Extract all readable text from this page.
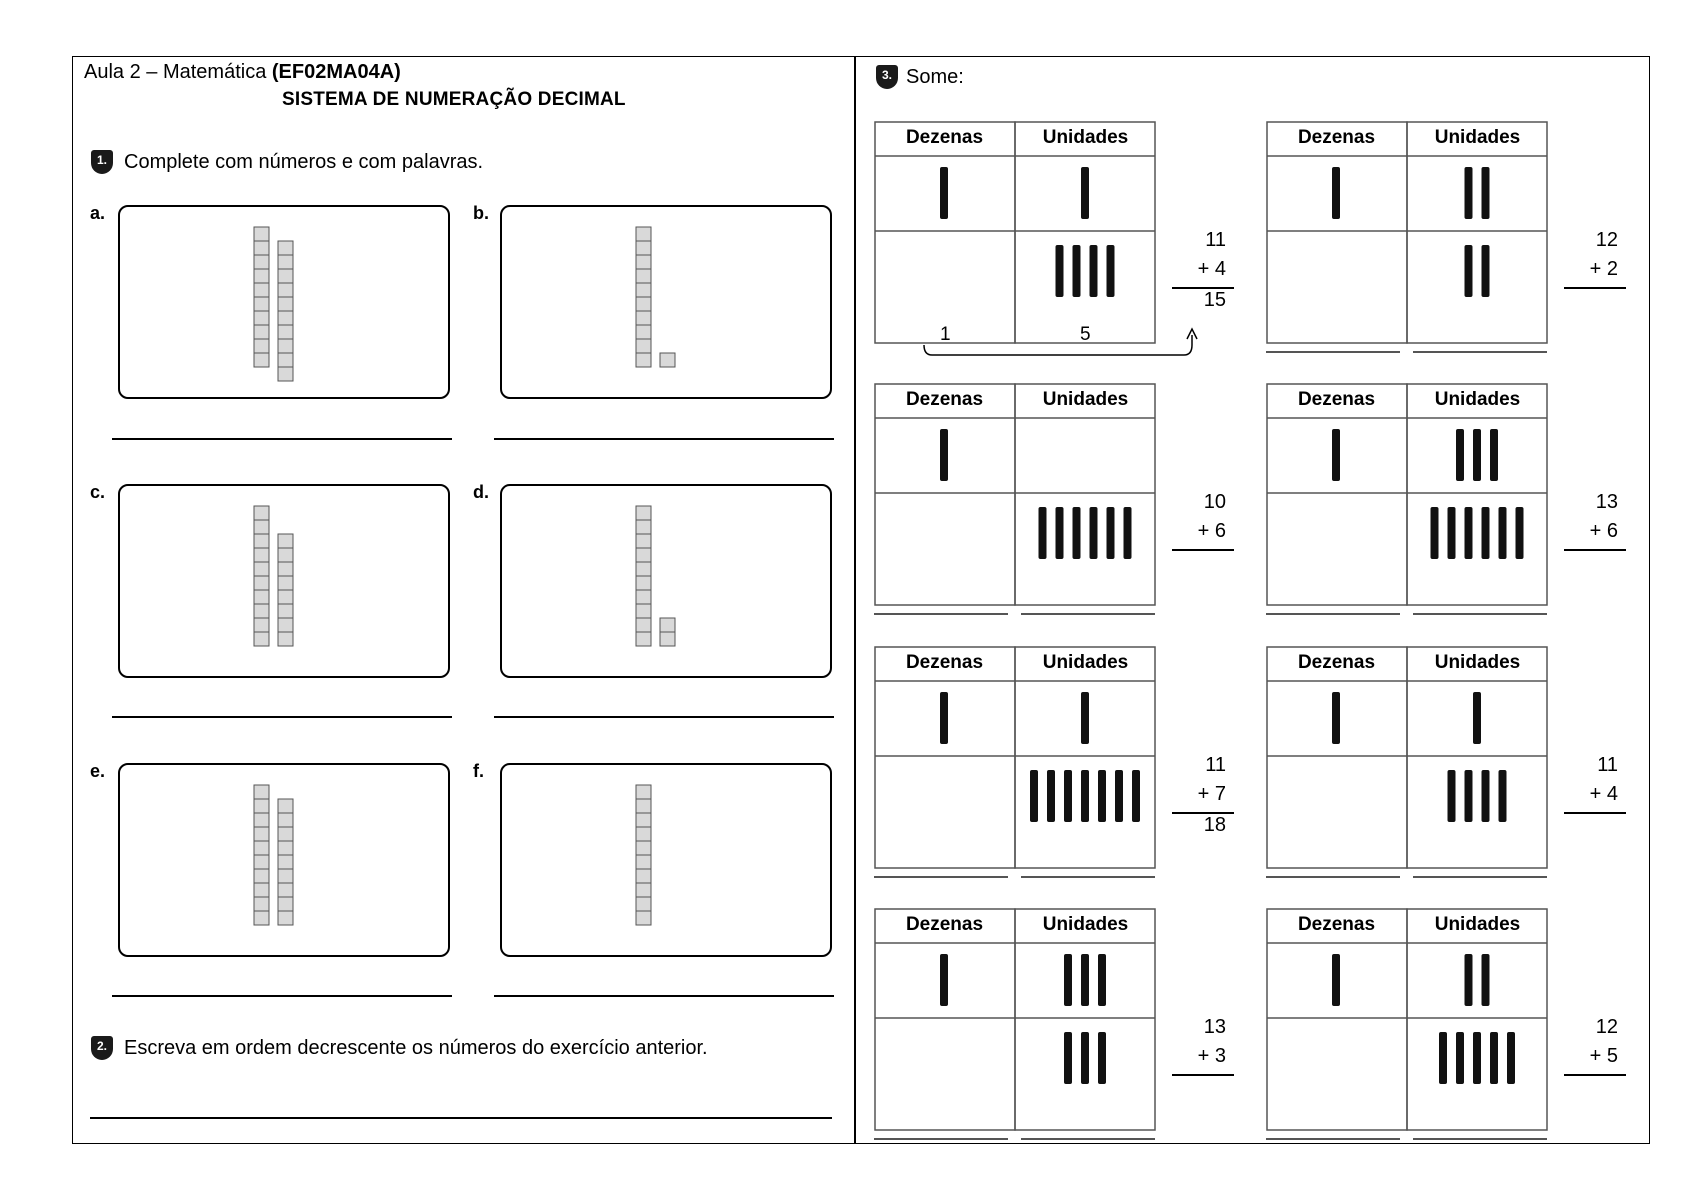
Aula 2 – Matemática (EF02MA04A)
SISTEMA DE NUMERAÇÃO DECIMAL
1. Complete com números e com palavras.
a.	b.
c.	d.
e.	f.
2. Escreva em ordem decrescente os números do exercício anterior.
3. Some:
Dezenas	Unidades
11
+ 4
15
1	5
Dezenas	Unidades
12
+ 2
Dezenas	Unidades
10
+ 6
Dezenas	Unidades
13
+ 6
Dezenas	Unidades
11
+ 7
18
Dezenas	Unidades
11
+ 4
Dezenas	Unidades
13
+ 3
Dezenas	Unidades
12
+ 5
